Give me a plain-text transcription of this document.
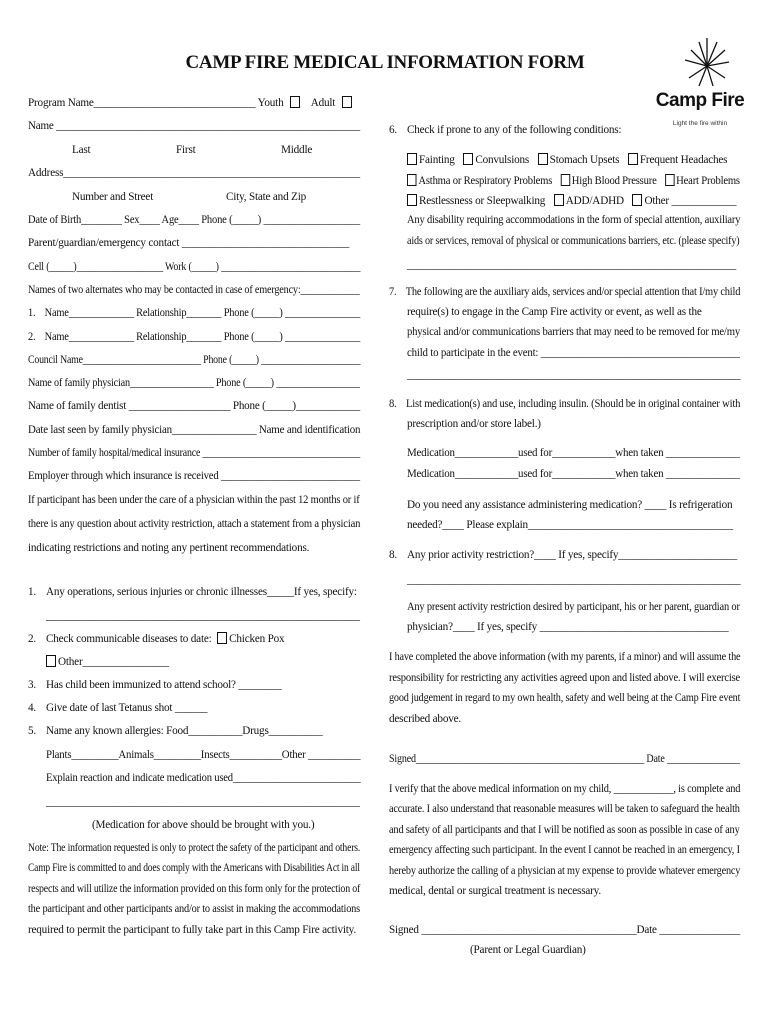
CAMP FIRE MEDICAL INFORMATION FORM
Camp Fire
Light the fire within
Program Name______________________________ Youth Adult
Name _________________________________________________________
Last	First	Middle
Address_______________________________________________________
Number and Street	City, State and Zip
Date of Birth________ Sex____ Age____ Phone (_____) ___________________
Parent/guardian/emergency contact _______________________________
Cell (_____)__________________ Work (_____) _____________________________
Names of two alternates who may be contacted in case of emergency:____________
1. Name_____________ Relationship_______ Phone (_____) _______________
2. Name_____________ Relationship_______ Phone (_____) _______________
Council Name_________________________ Phone (_____) _____________________
Name of family physician_________________ Phone (_____) _________________
Name of family dentist ___________________ Phone (_____)____________
Date last seen by family physician________________ Name and identification
Number of family hospital/medical insurance _________________________________
Employer through which insurance is received ___________________________
If participant has been under the care of a physician within the past 12 months or if
there is any question about activity restriction, attach a statement from a physician
indicating restrictions and noting any pertinent recommendations.
1. Any operations, serious injuries or chronic illnesses_____If yes, specify:
_________________________________________________________________
2. Check communicable diseases to date: Chicken Pox
Other________________
3. Has child been immunized to attend school? ________
4. Give date of last Tetanus shot ______
5. Name any known allergies: Food__________Drugs__________
Plants_________Animals_________Insects__________Other __________
Explain reaction and indicate medication used_________________________
_________________________________________________________________
(Medication for above should be brought with you.)
Note: The information requested is only to protect the safety of the participant and others.
Camp Fire is committed to and does comply with the Americans with Disabilities Act in all
respects and will utilize the information provided on this form only for the protection of
the participant and other participants and/or to assist in making the accommodations
required to permit the participant to fully take part in this Camp Fire activity.
6. Check if prone to any of the following conditions:
Fainting Convulsions Stomach Upsets Frequent Headaches
Asthma or Respiratory Problems High Blood Pressure Heart Problems
Restlessness or Sleepwalking ADD/ADHD Other ____________
Any disability requiring accommodations in the form of special attention, auxiliary
aids or services, removal of physical or communications barriers, etc. (please specify)
_____________________________________________________________
7. The following are the auxiliary aids, services and/or special attention that I/my child
require(s) to engage in the Camp Fire activity or event, as well as the
physical and/or communications barriers that may need to be removed for me/my
child to participate in the event: ______________________________________
______________________________________________________________
8. List medication(s) and use, including insulin. (Should be in original container with
prescription and/or store label.)
Medication____________used for____________when taken ______________
Medication____________used for____________when taken ______________
Do you need any assistance administering medication? ____ Is refrigeration
needed?____ Please explain______________________________________
8. Any prior activity restriction?____ If yes, specify______________________
______________________________________________________________
Any present activity restriction desired by participant, his or her parent, guardian or
physician?____ If yes, specify ___________________________________
I have completed the above information (with my parents, if a minor) and will assume the
responsibility for restricting any activities agreed upon and listed above. I will exercise
good judgement in regard to my own health, safety and well being at the Camp Fire event
described above.
Signed_______________________________________________ Date _______________
I verify that the above medical information on my child, ____________, is complete and
accurate. I also understand that reasonable measures will be taken to safeguard the health
and safety of all participants and that I will be notified as soon as possible in case of any
emergency affecting such participant. In the event I cannot be reached in an emergency, I
hereby authorize the calling of a physician at my expense to provide whatever emergency
medical, dental or surgical treatment is necessary.
Signed ________________________________________Date _______________
(Parent or Legal Guardian)
